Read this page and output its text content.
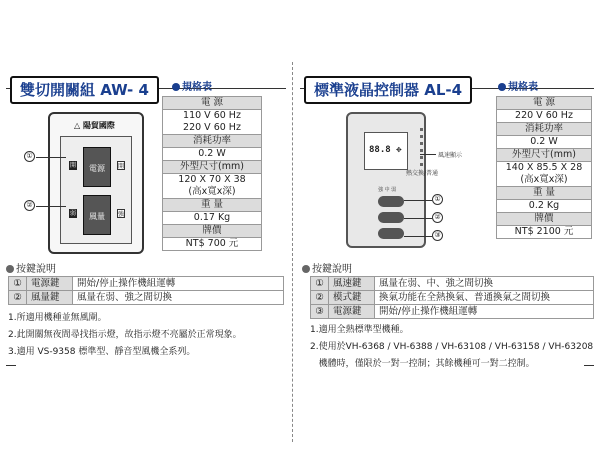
雙切開關組 AW- 4	規格表
電 源
110 V 60 Hz
220 V 60 Hz
消耗功率
0.2 W
外型尺寸(mm)
120 X 70 X 38
(高x寬x深)
重 量
0.17 Kg
牌價
NT$ 700 元
△ 陽貿國際
電源
風量
開	開
弱	強
①
②
按鍵說明
①	電源鍵	開始/停止操作機組運轉
②	風量鍵	風量在弱、強之間切換
1.所適用機種並無風閘。
2.此開關無夜間尋找指示燈，故指示燈不亮屬於正常現象。
3.適用 VS-9358 標準型、靜音型風機全系列。
標準液晶控制器 AL-4	規格表
電 源
220 V 60 Hz
消耗功率
0.2 W
外型尺寸(mm)
140 X 85.5 X 28
(高x寬x深)
重 量
0.2 Kg
牌價
NT$ 2100 元
88.8 ✥
強 中 弱
風速顯示
熱交換/普通
①
②
③
按鍵說明
①	風速鍵	風量在弱、中、強之間切換
②	模式鍵	換氣功能在全熱換氣、普通換氣之間切換
③	電源鍵	開始/停止操作機組運轉
1.適用全熱標準型機種。
2.使用於VH-6368 / VH-6388 / VH-63108 / VH-63158 / VH-63208
機體時，僅限於一對一控制；其餘機種可一對二控制。
